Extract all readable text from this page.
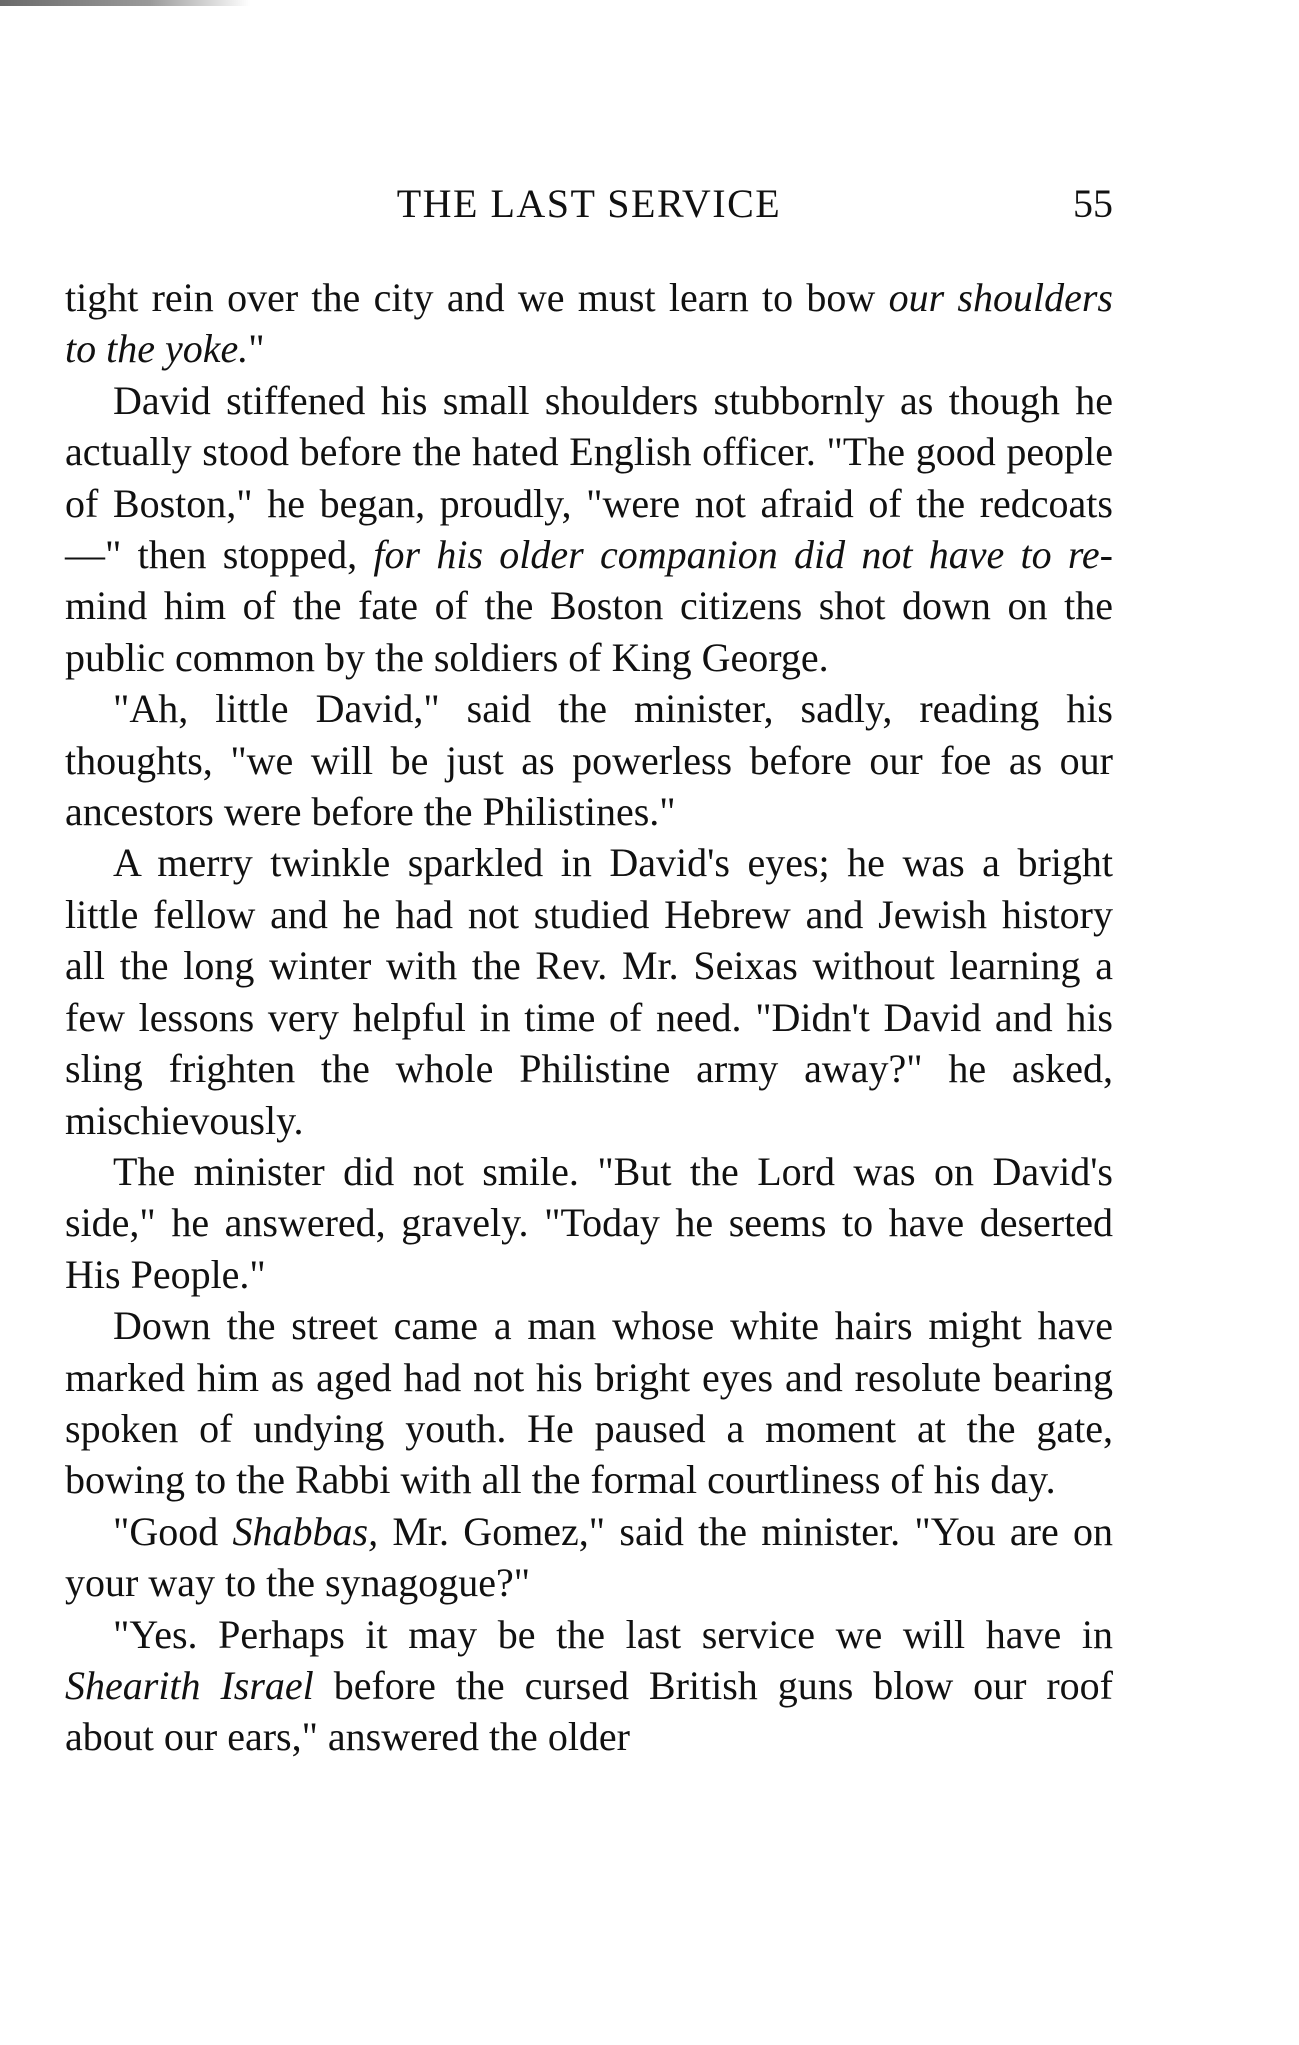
THE LAST SERVICE	55

tight rein over the city and we must learn to bow our shoulders to the yoke."

David stiffened his small shoulders stubbornly as though he actually stood before the hated English officer. "The good people of Boston," he began, proudly, "were not afraid of the redcoats—" then stopped, for his older companion did not have to re-mind him of the fate of the Boston citizens shot down on the public common by the soldiers of King George.

"Ah, little David," said the minister, sadly, reading his thoughts, "we will be just as powerless before our foe as our ancestors were before the Philistines."

A merry twinkle sparkled in David's eyes; he was a bright little fellow and he had not studied Hebrew and Jewish history all the long winter with the Rev. Mr. Seixas without learning a few lessons very helpful in time of need. "Didn't David and his sling frighten the whole Philistine army away?" he asked, mischievously.

The minister did not smile. "But the Lord was on David's side," he answered, gravely. "Today he seems to have deserted His People."

Down the street came a man whose white hairs might have marked him as aged had not his bright eyes and resolute bearing spoken of undying youth. He paused a moment at the gate, bowing to the Rabbi with all the formal courtliness of his day.

"Good Shabbas, Mr. Gomez," said the minister. "You are on your way to the synagogue?"

"Yes. Perhaps it may be the last service we will have in Shearith Israel before the cursed British guns blow our roof about our ears," answered the older
